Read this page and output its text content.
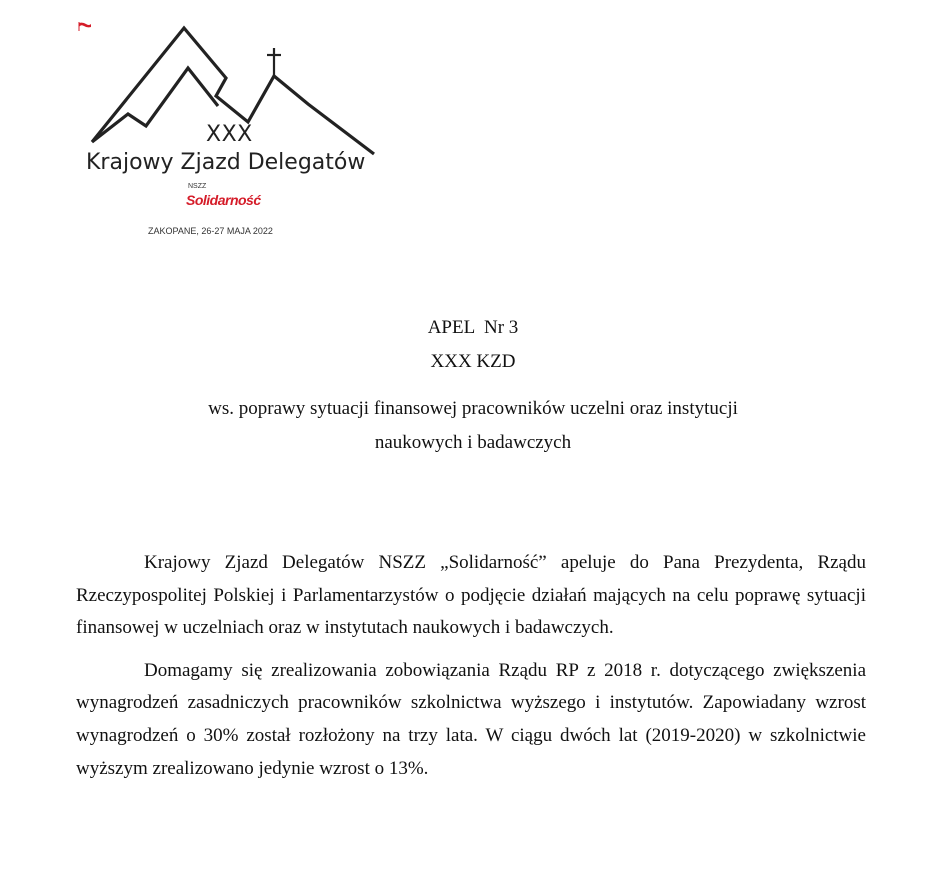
XXX
Krajowy Zjazd Delegatów
NSZZ
Solidarność
ZAKOPANE, 26-27 MAJA 2022
APEL  Nr 3
XXX KZD
ws. poprawy sytuacji finansowej pracowników uczelni oraz instytucji
naukowych i badawczych

Krajowy Zjazd Delegatów NSZZ „Solidarność” apeluje do Pana Prezydenta, Rządu Rzeczypospolitej Polskiej i Parlamentarzystów o podjęcie działań mających na celu poprawę sytuacji finansowej w uczelniach oraz w instytutach naukowych i badawczych.

Domagamy się zrealizowania zobowiązania Rządu RP z 2018 r. dotyczącego zwiększenia wynagrodzeń zasadniczych pracowników szkolnictwa wyższego i instytutów. Zapowiadany wzrost wynagrodzeń o 30% został rozłożony na trzy lata. W ciągu dwóch lat (2019-2020) w szkolnictwie wyższym zrealizowano jedynie wzrost o 13%.
